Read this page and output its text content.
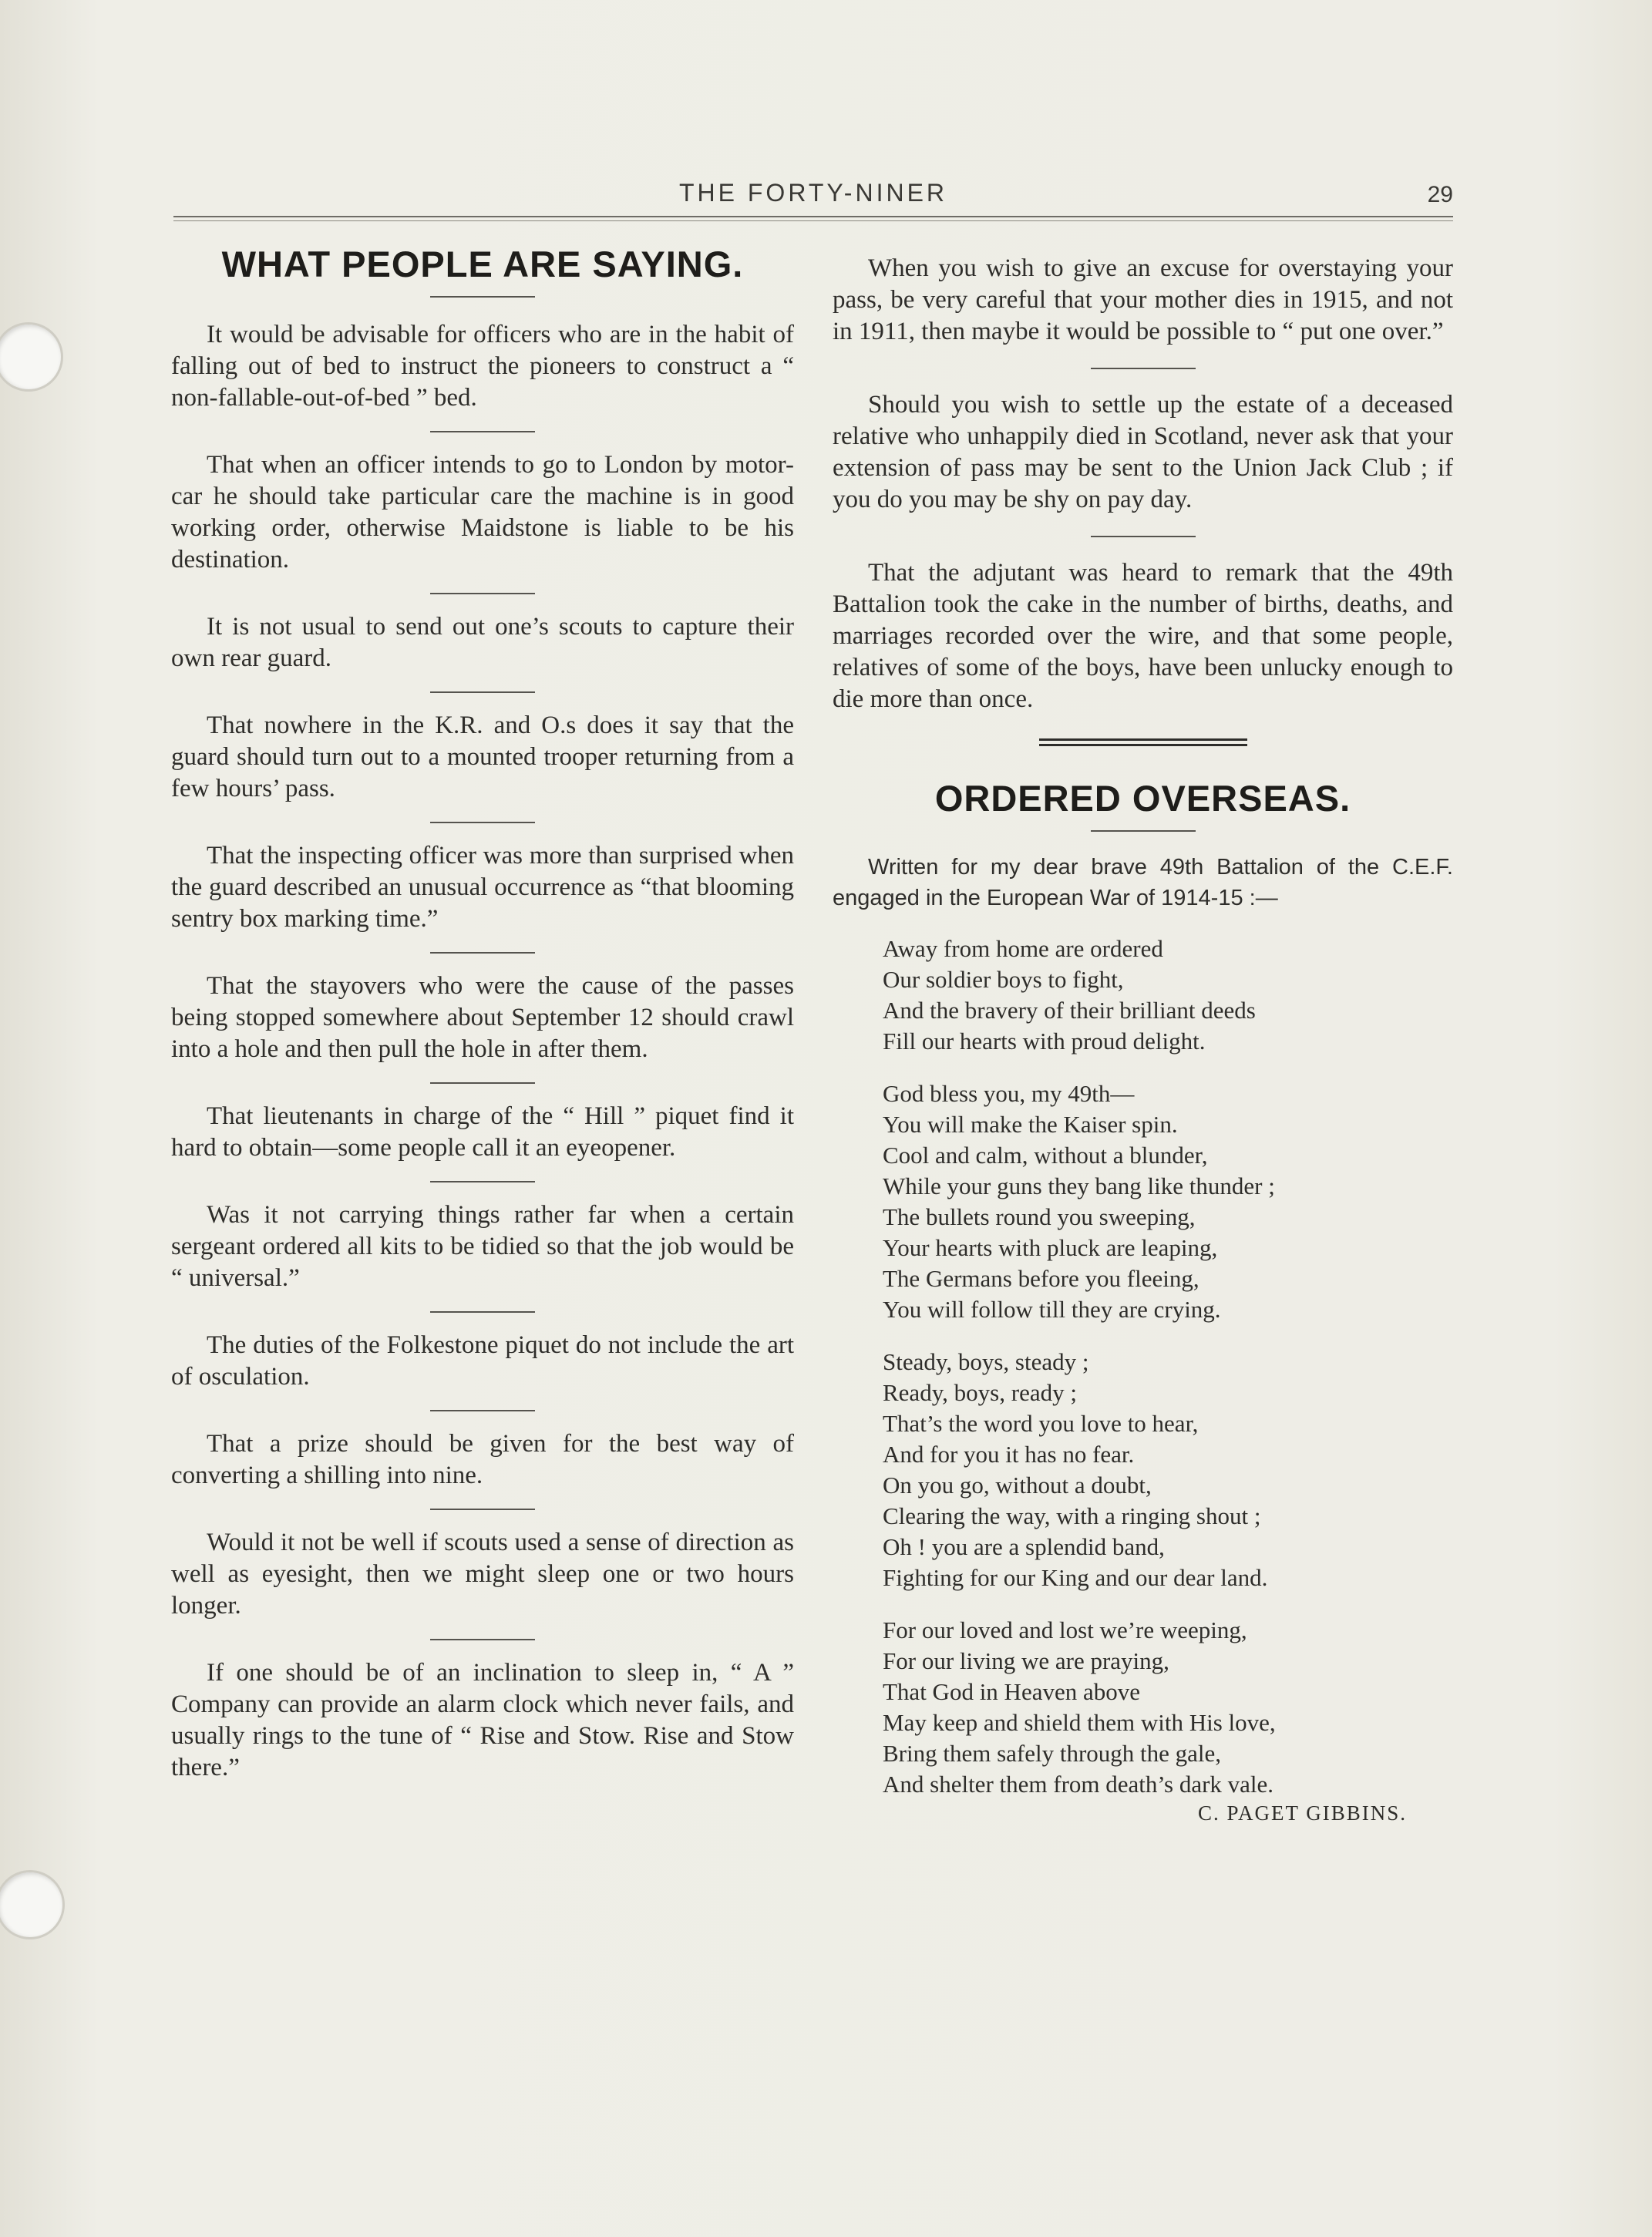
THE FORTY-NINER	29
WHAT PEOPLE ARE SAYING.

It would be advisable for officers who are in the habit of falling out of bed to instruct the pioneers to construct a “ non-fallable-out-of-bed ” bed.

That when an officer intends to go to London by motor-car he should take particular care the machine is in good working order, otherwise Maidstone is liable to be his destination.

It is not usual to send out one’s scouts to capture their own rear guard.

That nowhere in the K.R. and O.s does it say that the guard should turn out to a mounted trooper returning from a few hours’ pass.

That the inspecting officer was more than surprised when the guard described an unusual occurrence as “that blooming sentry box marking time.”

That the stayovers who were the cause of the passes being stopped somewhere about September 12 should crawl into a hole and then pull the hole in after them.

That lieutenants in charge of the “ Hill ” piquet find it hard to obtain—some people call it an eyeopener.

Was it not carrying things rather far when a certain sergeant ordered all kits to be tidied so that the job would be “ universal.”

The duties of the Folkestone piquet do not include the art of osculation.

That a prize should be given for the best way of converting a shilling into nine.

Would it not be well if scouts used a sense of direction as well as eyesight, then we might sleep one or two hours longer.

If one should be of an inclination to sleep in, “ A ” Company can provide an alarm clock which never fails, and usually rings to the tune of “ Rise and Stow. Rise and Stow there.”

When you wish to give an excuse for overstaying your pass, be very careful that your mother dies in 1915, and not in 1911, then maybe it would be possible to “ put one over.”

Should you wish to settle up the estate of a deceased relative who unhappily died in Scotland, never ask that your extension of pass may be sent to the Union Jack Club ; if you do you may be shy on pay day.

That the adjutant was heard to remark that the 49th Battalion took the cake in the number of births, deaths, and marriages recorded over the wire, and that some people, relatives of some of the boys, have been unlucky enough to die more than once.

ORDERED OVERSEAS.

Written for my dear brave 49th Battalion of the C.E.F. engaged in the European War of 1914-15 :—

Away from home are ordered

Our soldier boys to fight,

And the bravery of their brilliant deeds

Fill our hearts with proud delight.

God bless you, my 49th—

You will make the Kaiser spin.

Cool and calm, without a blunder,

While your guns they bang like thunder ;

The bullets round you sweeping,

Your hearts with pluck are leaping,

The Germans before you fleeing,

You will follow till they are crying.

Steady, boys, steady ;

Ready, boys, ready ;

That’s the word you love to hear,

And for you it has no fear.

On you go, without a doubt,

Clearing the way, with a ringing shout ;

Oh ! you are a splendid band,

Fighting for our King and our dear land.

For our loved and lost we’re weeping,

For our living we are praying,

That God in Heaven above

May keep and shield them with His love,

Bring them safely through the gale,

And shelter them from death’s dark vale.

C. PAGET GIBBINS.
